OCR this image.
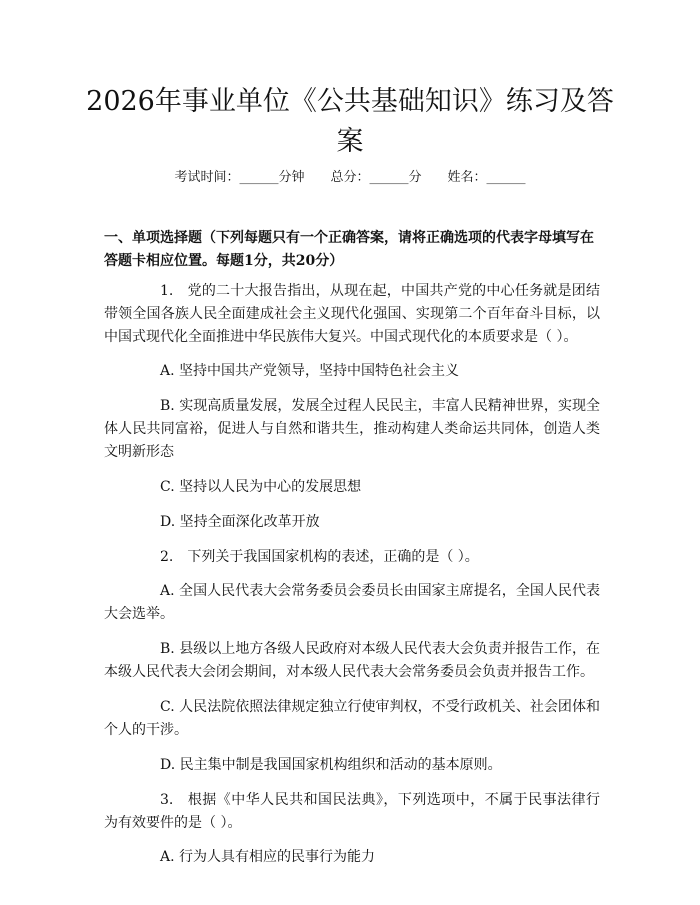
2026年事业单位《公共基础知识》练习及答案
考试时间：______分钟 总分：______分 姓名：______
一、单项选择题（下列每题只有一个正确答案，请将正确选项的代表字母填写在答题卡相应位置。每题1分，共20分）

1. 党的二十大报告指出，从现在起，中国共产党的中心任务就是团结带领全国各族人民全面建成社会主义现代化强国、实现第二个百年奋斗目标，以中国式现代化全面推进中华民族伟大复兴。中国式现代化的本质要求是（ ）。

A. 坚持中国共产党领导，坚持中国特色社会主义

B. 实现高质量发展，发展全过程人民民主，丰富人民精神世界，实现全体人民共同富裕，促进人与自然和谐共生，推动构建人类命运共同体，创造人类文明新形态

C. 坚持以人民为中心的发展思想

D. 坚持全面深化改革开放

2. 下列关于我国国家机构的表述，正确的是（ ）。

A. 全国人民代表大会常务委员会委员长由国家主席提名，全国人民代表大会选举。

B. 县级以上地方各级人民政府对本级人民代表大会负责并报告工作，在本级人民代表大会闭会期间，对本级人民代表大会常务委员会负责并报告工作。

C. 人民法院依照法律规定独立行使审判权，不受行政机关、社会团体和个人的干涉。

D. 民主集中制是我国国家机构组织和活动的基本原则。

3. 根据《中华人民共和国民法典》，下列选项中，不属于民事法律行为有效要件的是（ ）。

A. 行为人具有相应的民事行为能力
